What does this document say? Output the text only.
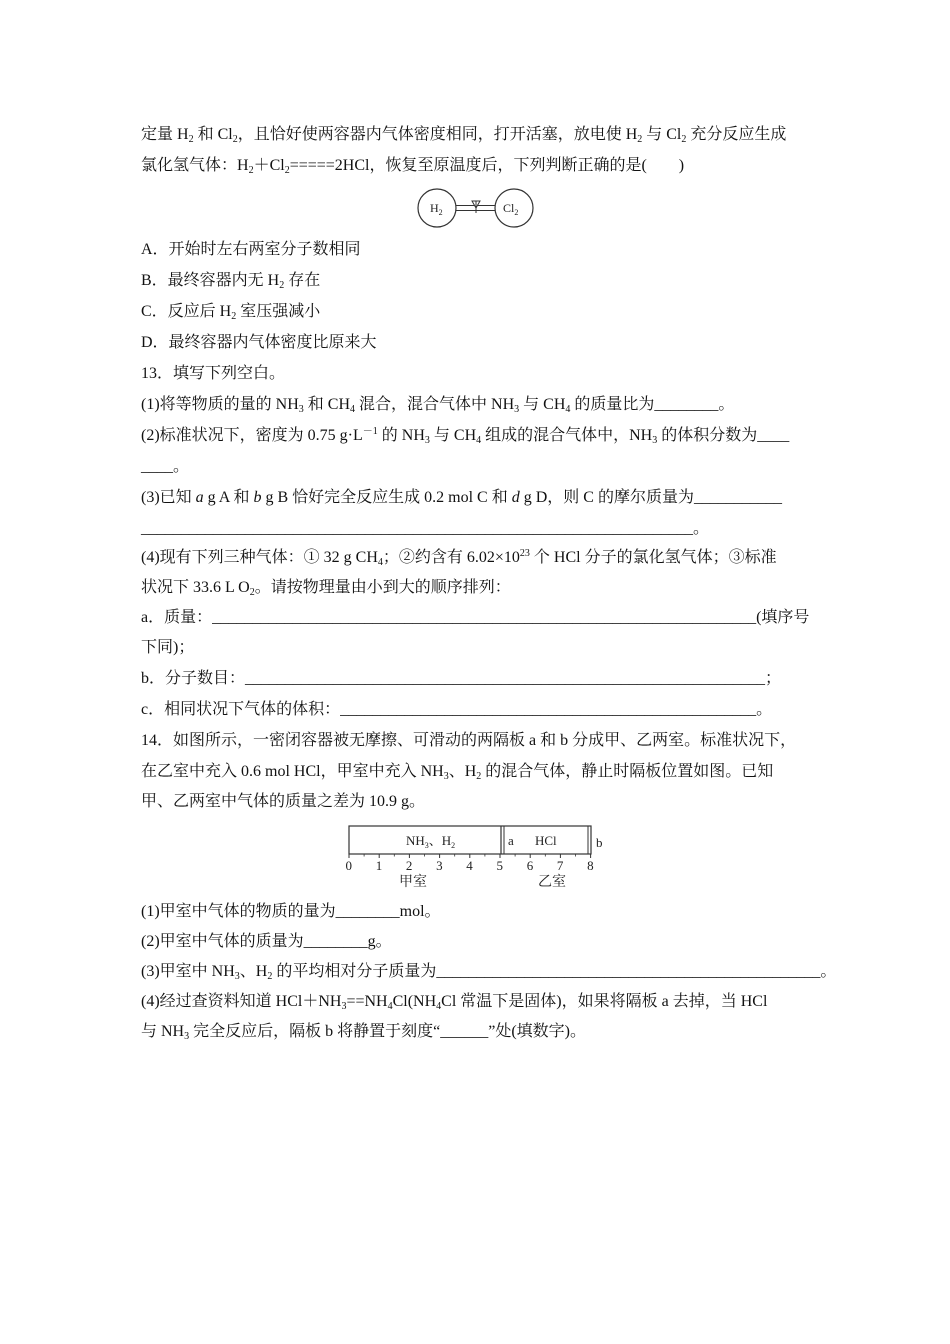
定量 $H_2$ 和 $Cl_2$，且恰好使两容器内气体密度相同，打开活塞，放电使 $H_2$ 与 $Cl_2$ 充分反应生成
氯化氢气体：$H_2+Cl_2=====2HCl$，恢复至原温度后，下列判断正确的是(　　)
$H_2$	$Cl_2$
A．开始时左右两室分子数相同
B．最终容器内无 $H_2$ 存在
C．反应后 $H_2$ 室压强减小
D．最终容器内气体密度比原来大
13．填写下列空白。
(1)将等物质的量的 $NH_3$ 和 $CH_4$ 混合，混合气体中 $NH_3$ 与 $CH_4$ 的质量比为________。
(2)标准状况下，密度为 0.75 $g\cdot L^{-1}$ 的 $NH_3$ 与 $CH_4$ 组成的混合气体中，$NH_3$ 的体积分数为____
____。
(3)已知 a g A 和 b g B 恰好完全反应生成 0.2 mol C 和 d g D，则 C 的摩尔质量为___________
_____________________________________________________________________。
(4)现有下列三种气体：① 32 g $CH_4$；②约含有 $6.02\times 10^{23}$ 个 HCl 分子的氯化氢气体；③标准
状况下 33.6 L $O_2$。请按物理量由小到大的顺序排列：
a．质量：____________________________________________________________________(填序号
下同)；
b．分子数目：_________________________________________________________________；
c．相同状况下气体的体积：____________________________________________________。
14．如图所示，一密闭容器被无摩擦、可滑动的两隔板 a 和 b 分成甲、乙两室。标准状况下，
在乙室中充入 0.6 mol HCl，甲室中充入 $NH_3$、$H_2$ 的混合气体，静止时隔板位置如图。已知
甲、乙两室中气体的质量之差为 10.9 g。
$NH_3$、$H_2$	a HCl	b
0 1 2 3 4 5 6 7 8
甲室	乙室
(1)甲室中气体的物质的量为________mol。
(2)甲室中气体的质量为________g。
(3)甲室中 $NH_3$、$H_2$ 的平均相对分子质量为________________________________________________。
(4)经过查资料知道 $HCl+NH_3==NH_4Cl(NH_4Cl$ 常温下是固体)，如果将隔板 a 去掉，当 HCl
与 $NH_3$ 完全反应后，隔板 b 将静置于刻度“______”处(填数字)。
